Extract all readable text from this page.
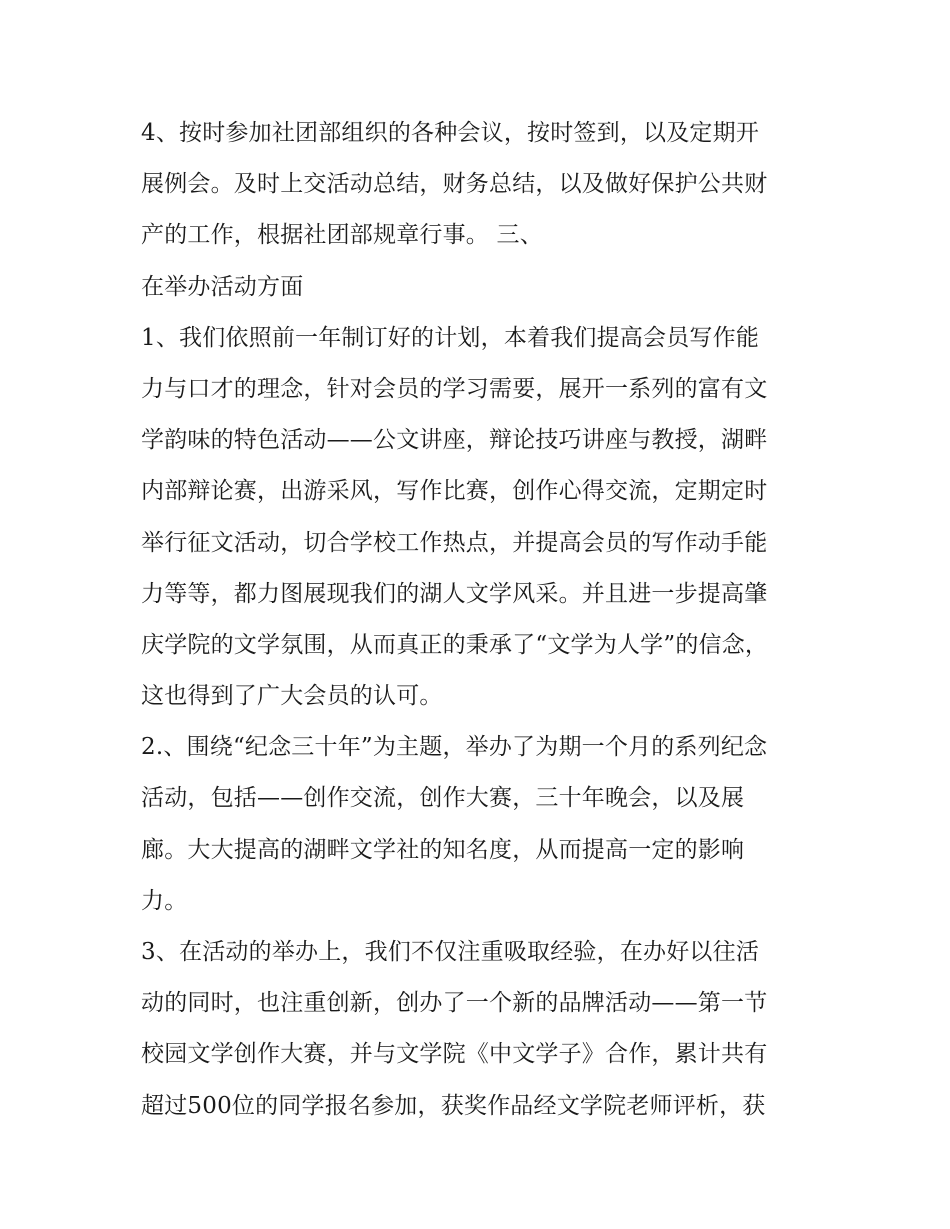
4、按时参加社团部组织的各种会议，按时签到，以及定期开
展例会。及时上交活动总结，财务总结，以及做好保护公共财
产的工作，根据社团部规章行事。 三、
在举办活动方面
1、我们依照前一年制订好的计划，本着我们提高会员写作能
力与口才的理念，针对会员的学习需要，展开一系列的富有文
学韵味的特色活动——公文讲座，辩论技巧讲座与教授，湖畔
内部辩论赛，出游采风，写作比赛，创作心得交流，定期定时
举行征文活动，切合学校工作热点，并提高会员的写作动手能
力等等，都力图展现我们的湖人文学风采。并且进一步提高肇
庆学院的文学氛围，从而真正的秉承了“文学为人学”的信念，
这也得到了广大会员的认可。
2.、围绕“纪念三十年”为主题，举办了为期一个月的系列纪念
活动，包括——创作交流，创作大赛，三十年晚会，以及展
廊。大大提高的湖畔文学社的知名度，从而提高一定的影响
力。
3、在活动的举办上，我们不仅注重吸取经验，在办好以往活
动的同时，也注重创新，创办了一个新的品牌活动——第一节
校园文学创作大赛，并与文学院《中文学子》合作，累计共有
超过500位的同学报名参加，获奖作品经文学院老师评析，获
